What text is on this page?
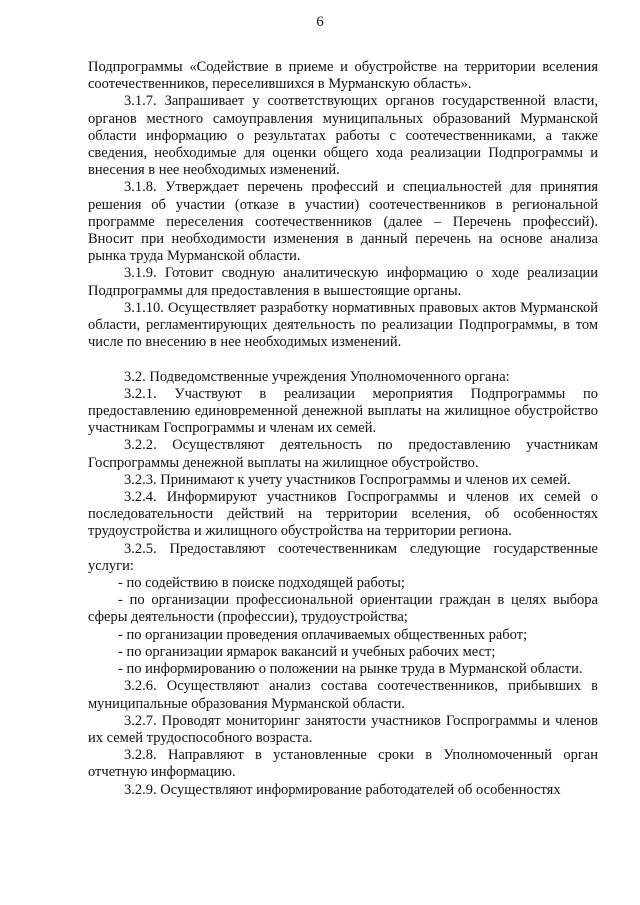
6

Подпрограммы «Содействие в приеме и обустройстве на территории вселения соотечественников, переселившихся в Мурманскую область».

3.1.7. Запрашивает у соответствующих органов государственной власти, органов местного самоуправления муниципальных образований Мурманской области информацию о результатах работы с соотечественниками, а также сведения, необходимые для оценки общего хода реализации Подпрограммы и внесения в нее необходимых изменений.

3.1.8. Утверждает перечень профессий и специальностей для принятия решения об участии (отказе в участии) соотечественников в региональной программе переселения соотечественников (далее – Перечень профессий). Вносит при необходимости изменения в данный перечень на основе анализа рынка труда Мурманской области.

3.1.9. Готовит сводную аналитическую информацию о ходе реализации Подпрограммы для предоставления в вышестоящие органы.

3.1.10. Осуществляет разработку нормативных правовых актов Мурманской области, регламентирующих деятельность по реализации Подпрограммы, в том числе по внесению в нее необходимых изменений.

3.2. Подведомственные учреждения Уполномоченного органа:

3.2.1. Участвуют в реализации мероприятия Подпрограммы по предоставлению единовременной денежной выплаты на жилищное обустройство участникам Госпрограммы и членам их семей.

3.2.2. Осуществляют деятельность по предоставлению участникам Госпрограммы денежной выплаты на жилищное обустройство.

3.2.3. Принимают к учету участников Госпрограммы и членов их семей.

3.2.4. Информируют участников Госпрограммы и членов их семей о последовательности действий на территории вселения, об особенностях трудоустройства и жилищного обустройства на территории региона.

3.2.5. Предоставляют соотечественникам следующие государственные услуги:

- по содействию в поиске подходящей работы;

- по организации профессиональной ориентации граждан в целях выбора сферы деятельности (профессии), трудоустройства;

- по организации проведения оплачиваемых общественных работ;

- по организации ярмарок вакансий и учебных рабочих мест;

- по информированию о положении на рынке труда в Мурманской области.

3.2.6. Осуществляют анализ состава соотечественников, прибывших в муниципальные образования Мурманской области.

3.2.7. Проводят мониторинг занятости участников Госпрограммы и членов их семей трудоспособного возраста.

3.2.8. Направляют в установленные сроки в Уполномоченный орган отчетную информацию.

3.2.9. Осуществляют информирование работодателей об особенностях
